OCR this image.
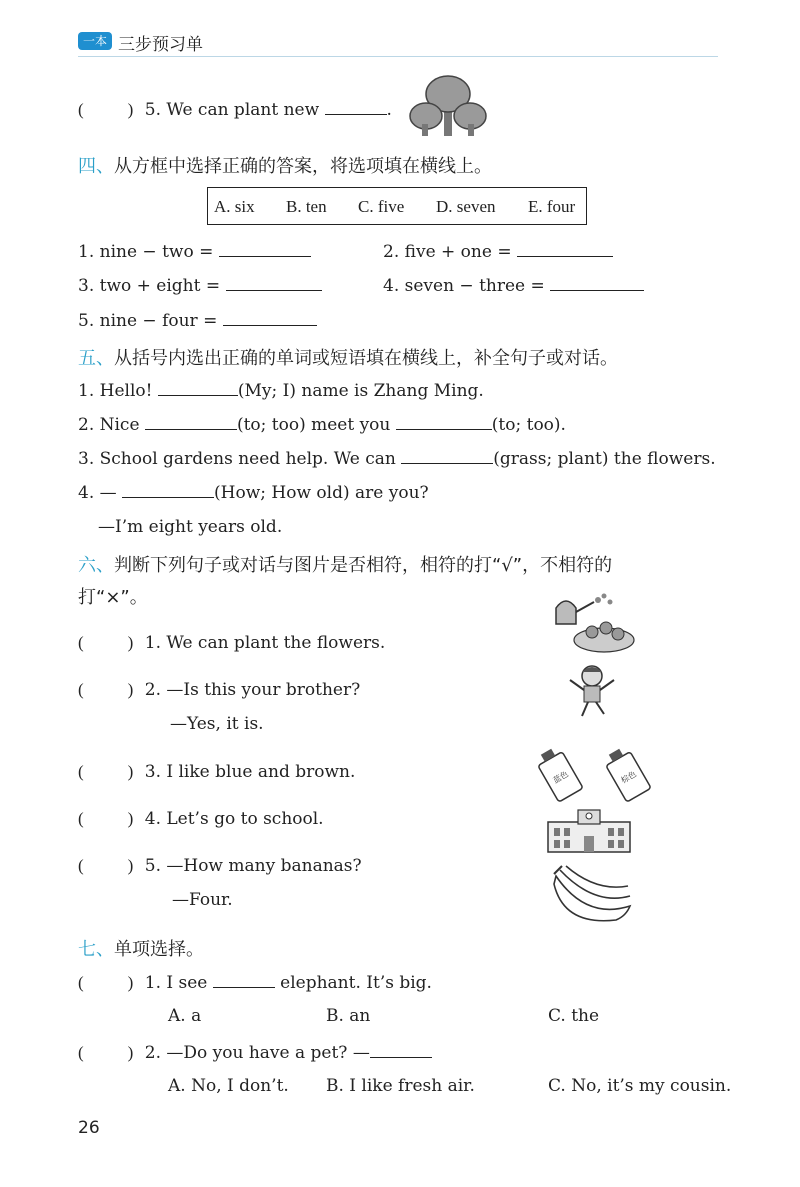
一本 三步预习单
(	) 5. We can plant new	.
四、从方框中选择正确的答案，将选项填在横线上。
A. six B. ten C. five D. seven E. four
1. nine − two =	2. five + one =
3. two + eight =	4. seven − three =
5. nine − four =
五、从括号内选出正确的单词或短语填在横线上，补全句子或对话。
1. Hello!	(My; I) name is Zhang Ming.
2. Nice	(to; too) meet you	(to; too).
3. School gardens need help. We can	(grass; plant) the flowers.
4. —	(How; How old) are you?
—I’m eight years old.
六、判断下列句子或对话与图片是否相符，相符的打“√”，不相符的
打“×”。
(	) 1. We can plant the flowers.
(	) 2. —Is this your brother?
—Yes, it is.
(	) 3. I like blue and brown.
(	) 4. Let’s go to school.
(	) 5. —How many bananas?
—Four.
蓝色	棕色
七、单项选择。
(	) 1. I see	elephant. It’s big.
A. a	B. an	C. the
(	) 2. —Do you have a pet? —
A. No, I don’t. B. I like fresh air.	C. No, it’s my cousin.
26
